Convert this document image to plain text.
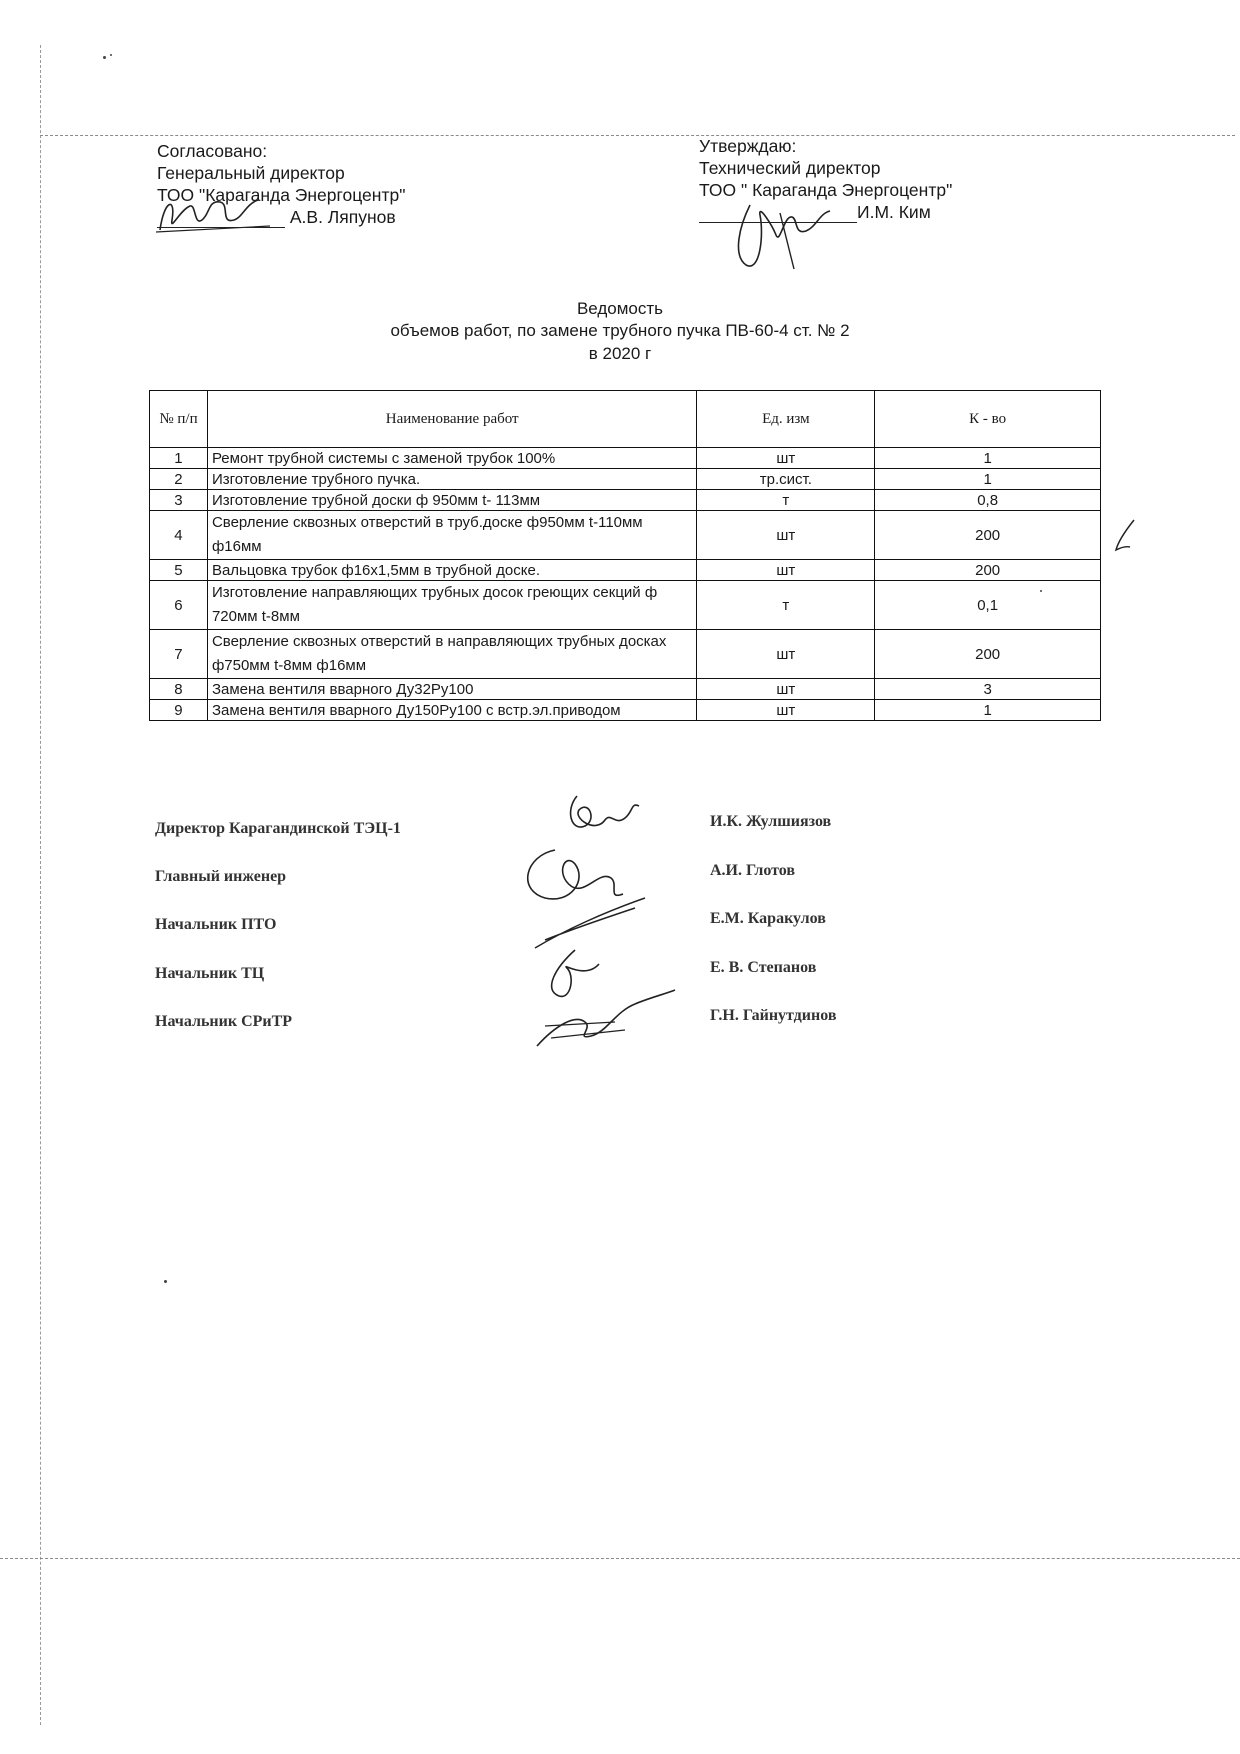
Согласовано:
Генеральный директор
ТОО "Караганда Энергоцентр"
А.В. Ляпунов
Утверждаю:
Технический директор
ТОО " Караганда Энергоцентр"
И.М. Ким
Ведомость
объемов работ, по замене трубного пучка ПВ-60-4 ст. № 2
в 2020 г
№ п/п	Наименование работ	Ед. изм	К - во
1	Ремонт трубной системы с заменой трубок 100%	шт	1
2	Изготовление трубного пучка.	тр.сист.	1
3	Изготовление трубной доски ф 950мм t- 113мм	т	0,8
4	Сверление сквозных отверстий в труб.доске ф950мм t-110мм ф16мм	шт	200
5	Вальцовка трубок ф16х1,5мм в трубной доске.	шт	200
6	Изготовление направляющих трубных досок греющих секций ф 720мм t-8мм	т	0,1
7	Сверление сквозных отверстий в направляющих трубных досках ф750мм t-8мм ф16мм	шт	200
8	Замена вентиля вварного Ду32Ру100	шт	3
9	Замена вентиля вварного Ду150Ру100 с встр.эл.приводом	шт	1
Директор Карагандинской ТЭЦ-1
Главный инженер
Начальник ПТО
Начальник ТЦ
Начальник СРиТР
И.К. Жулшиязов
А.И. Глотов
Е.М. Каракулов
Е. В. Степанов
Г.Н. Гайнутдинов
